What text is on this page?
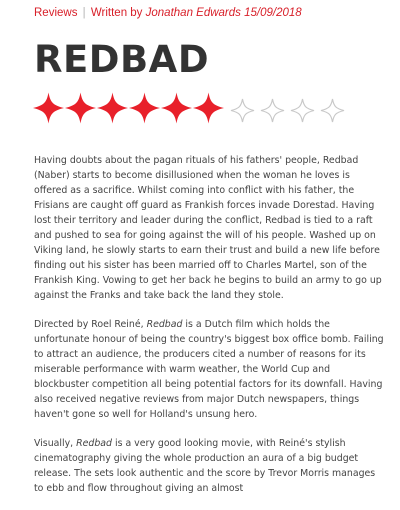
Reviews | Written by Jonathan Edwards 15/09/2018
REDBAD

Having doubts about the pagan rituals of his fathers' people, Redbad (Naber) starts to become disillusioned when the woman he loves is offered as a sacrifice. Whilst coming into conflict with his father, the Frisians are caught off guard as Frankish forces invade Dorestad. Having lost their territory and leader during the conflict, Redbad is tied to a raft and pushed to sea for going against the will of his people. Washed up on Viking land, he slowly starts to earn their trust and build a new life before finding out his sister has been married off to Charles Martel, son of the Frankish King. Vowing to get her back he begins to build an army to go up against the Franks and take back the land they stole.

Directed by Roel Reiné, Redbad is a Dutch film which holds the unfortunate honour of being the country's biggest box office bomb. Failing to attract an audience, the producers cited a number of reasons for its miserable performance with warm weather, the World Cup and blockbuster competition all being potential factors for its downfall. Having also received negative reviews from major Dutch newspapers, things haven't gone so well for Holland's unsung hero.

Visually, Redbad is a very good looking movie, with Reiné's stylish cinematography giving the whole production an aura of a big budget release. The sets look authentic and the score by Trevor Morris manages to ebb and flow throughout giving an almost
